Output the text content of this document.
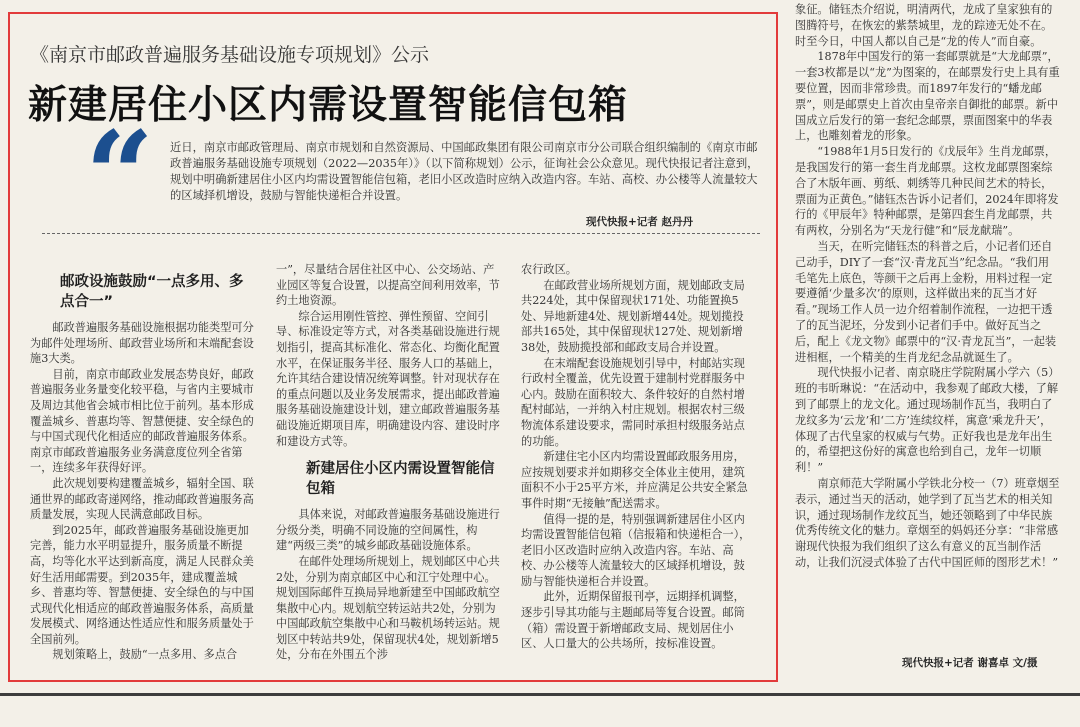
《南京市邮政普遍服务基础设施专项规划》公示
新建居住小区内需设置智能信包箱
“ 近日，南京市邮政管理局、南京市规划和自然资源局、中国邮政集团有限公司南京市分公司联合组织编制的《南京市邮政普遍服务基础设施专项规划（2022—2035年）》（以下简称规划）公示，征询社会公众意见。现代快报记者注意到，规划中明确新建居住小区内均需设置智能信包箱，老旧小区改造时应纳入改造内容。车站、高校、办公楼等人流量较大的区域择机增设，鼓励与智能快递柜合并设置。

现代快报+记者 赵丹丹
邮政设施鼓励“一点多用、多点合一”

邮政普遍服务基础设施根据功能类型可分为邮件处理场所、邮政营业场所和末端配套设施3大类。

目前，南京市邮政业发展态势良好，邮政普遍服务业务量变化较平稳，与省内主要城市及周边其他省会城市相比位于前列。基本形成覆盖城乡、普惠均等、智慧便捷、安全绿色的与中国式现代化相适应的邮政普遍服务体系。南京市邮政普遍服务业务满意度位列全省第一，连续多年获得好评。

此次规划要构建覆盖城乡，辐射全国、联通世界的邮政寄递网络，推动邮政普遍服务高质量发展，实现人民满意邮政目标。

到2025年，邮政普遍服务基础设施更加完善，能力水平明显提升，服务质量不断提高，均等化水平达到新高度，满足人民群众美好生活用邮需要。到2035年，建成覆盖城乡、普惠均等、智慧便捷、安全绿色的与中国式现代化相适应的邮政普遍服务体系，高质量发展模式、网络通达性适应性和服务质量处于全国前列。

规划策略上，鼓励“一点多用、多点合

一”，尽量结合居住社区中心、公交场站、产业园区等复合设置，以提高空间利用效率，节约土地资源。

综合运用刚性管控、弹性预留、空间引导、标准设定等方式，对各类基础设施进行规划指引，提高其标准化、常态化、均衡化配置水平，在保证服务半径、服务人口的基础上，允许其结合建设情况统筹调整。针对现状存在的重点问题以及业务发展需求，提出邮政普遍服务基础设施建设计划，建立邮政普遍服务基础设施近期项目库，明确建设内容、建设时序和建设方式等。

新建居住小区内需设置智能信包箱

具体来说，对邮政普遍服务基础设施进行分级分类，明确不同设施的空间属性，构建“两级三类”的城乡邮政基础设施体系。

在邮件处理场所规划上，规划邮区中心共2处，分别为南京邮区中心和江宁处理中心。规划国际邮件互换局异地新建至中国邮政航空集散中心内。规划航空转运站共2处，分别为中国邮政航空集散中心和马鞍机场转运站。规划区中转站共9处，保留现状4处，规划新增5处，分布在外围五个涉

农行政区。

在邮政营业场所规划方面，规划邮政支局共224处，其中保留现状171处、功能置换5处、异地新建4处、规划新增44处。规划揽投部共165处，其中保留现状127处、规划新增38处，鼓励揽投部和邮政支局合并设置。

在末端配套设施规划引导中，村邮站实现行政村全覆盖，优先设置于建制村党群服务中心内。鼓励在面积较大、条件较好的自然村增配村邮站，一并纳入村庄规划。根据农村三级物流体系建设要求，需同时承担村级服务站点的功能。

新建住宅小区内均需设置邮政服务用房，应按规划要求并如期移交全体业主使用，建筑面积不小于25平方米，并应满足公共安全紧急事件时期“无接触”配送需求。

值得一提的是，特别强调新建居住小区内均需设置智能信包箱（信报箱和快递柜合一），老旧小区改造时应纳入改造内容。车站、高校、办公楼等人流量较大的区域择机增设，鼓励与智能快递柜合并设置。

此外，近期保留报刊亭，远期择机调整，逐步引导其功能与主题邮局等复合设置。邮筒（箱）需设置于新增邮政支局、规划居住小区、人口量大的公共场所，按标准设置。

象征。储钰杰介绍说，明清两代，龙成了皇家独有的图腾符号，在恢宏的紫禁城里，龙的踪迹无处不在。时至今日，中国人都以自己是“龙的传人”而自豪。

1878年中国发行的第一套邮票就是“大龙邮票”，一套3枚都是以“龙”为图案的，在邮票发行史上具有重要位置，因而非常珍贵。而1897年发行的“蟠龙邮票”，则是邮票史上首次由皇帝亲自御批的邮票。新中国成立后发行的第一套纪念邮票，票面图案中的华表上，也雕刻着龙的形象。

“1988年1月5日发行的《戊辰年》生肖龙邮票，是我国发行的第一套生肖龙邮票。这枚龙邮票图案综合了木版年画、剪纸、刺绣等几种民间艺术的特长，票面为正黄色。”储钰杰告诉小记者们，2024年即将发行的《甲辰年》特种邮票，是第四套生肖龙邮票，共有两枚，分别名为“天龙行健”和“辰龙献瑞”。

当天，在听完储钰杰的科普之后，小记者们还自己动手，DIY了一套“汉·青龙瓦当”纪念品。“我们用毛笔先上底色，等颜干之后再上金粉，用料过程一定要遵循‘少量多次’的原则，这样做出来的瓦当才好看。”现场工作人员一边介绍着制作流程，一边把干透了的瓦当泥坯，分发到小记者们手中。做好瓦当之后，配上《龙文物》邮票中的“汉·青龙瓦当”，一起装进相框，一个精美的生肖龙纪念品就诞生了。

现代快报小记者、南京晓庄学院附属小学六（5）班的韦昕琳说：“在活动中，我参观了邮政大楼，了解到了邮票上的龙文化。通过现场制作瓦当，我明白了龙纹多为‘云龙’和‘二方’连续纹样，寓意‘乘龙升天’，体现了古代皇家的权威与气势。正好我也是龙年出生的，希望把这份好的寓意也给到自己，龙年一切顺利！”

南京师范大学附属小学铁北分校一（7）班章烟至表示，通过当天的活动，她学到了瓦当艺术的相关知识，通过现场制作龙纹瓦当，她还领略到了中华民族优秀传统文化的魅力。章烟至的妈妈还分享：“非常感谢现代快报为我们组织了这么有意义的瓦当制作活动，让我们沉浸式体验了古代中国匠师的图形艺术！”

现代快报+记者 谢喜卓 文/摄
